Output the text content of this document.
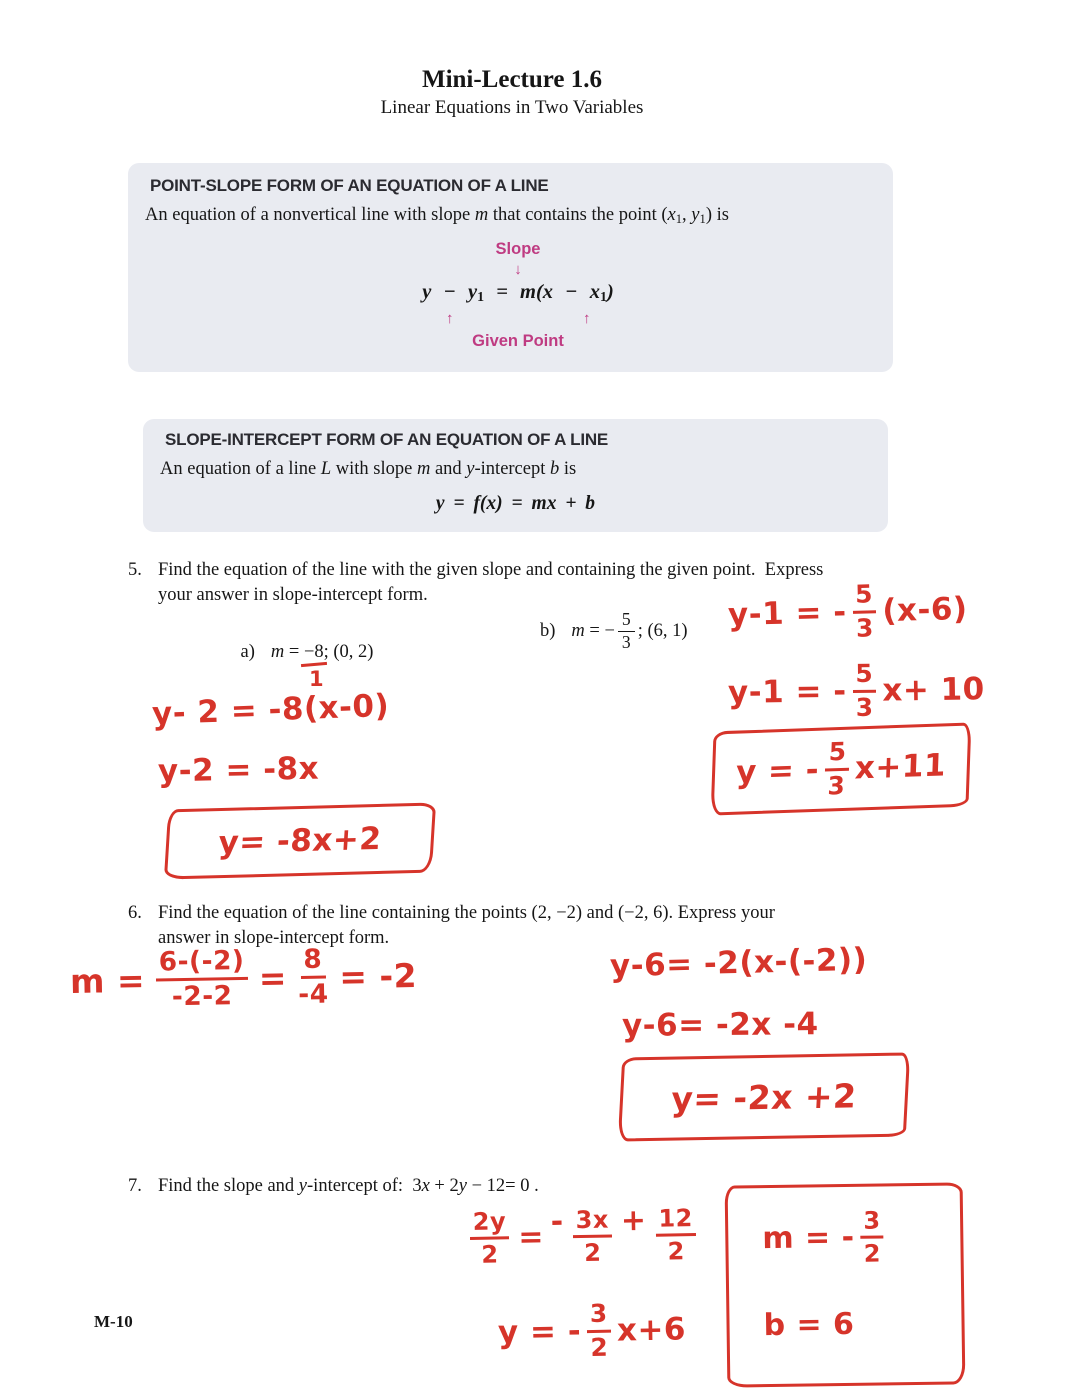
Mini-Lecture 1.6
Linear Equations in Two Variables
POINT-SLOPE FORM OF AN EQUATION OF A LINE
An equation of a nonvertical line with slope m that contains the point (x1, y1) is
Slope
↓
y − y1 = m(x − x1)
↑	↑
Given Point
SLOPE-INTERCEPT FORM OF AN EQUATION OF A LINE
An equation of a line L with slope m and y-intercept b is
y = f(x) = mx + b
5. Find the equation of the line with the given slope and containing the given point.  Express
your answer in slope-intercept form.

a) m = −8
1
; (0, 2)

b) m = − $\frac{5}{3}$ ; (6, 1) y-1 = - $\frac{5}{3} (x-6)$
y-1 = - $\frac{5}{3} x+ 10$
y = - $\frac{5}{3} x+11$
y- 2 = -8(x-0)
y-2 = -8x
y= -8x+2
6. Find the equation of the line containing the points (2, −2) and (−2, 6). Express your
answer in slope-intercept form.
$m = \frac{6-(-2)}{-2-2} = \frac{8}{-4} = -2$	y-6= -2(x-(-2))
y-6= -2x -4
y= -2x +2
7. Find the slope and y-intercept of:  3x + 2y − 12= 0 .
$\frac{2y}{2}$ = - $\frac{3x}{2} + \frac{12}{2}$
y = - $\frac{3}{2} x+6$
m = - $\frac{3}{2}$
b = 6
M-10
